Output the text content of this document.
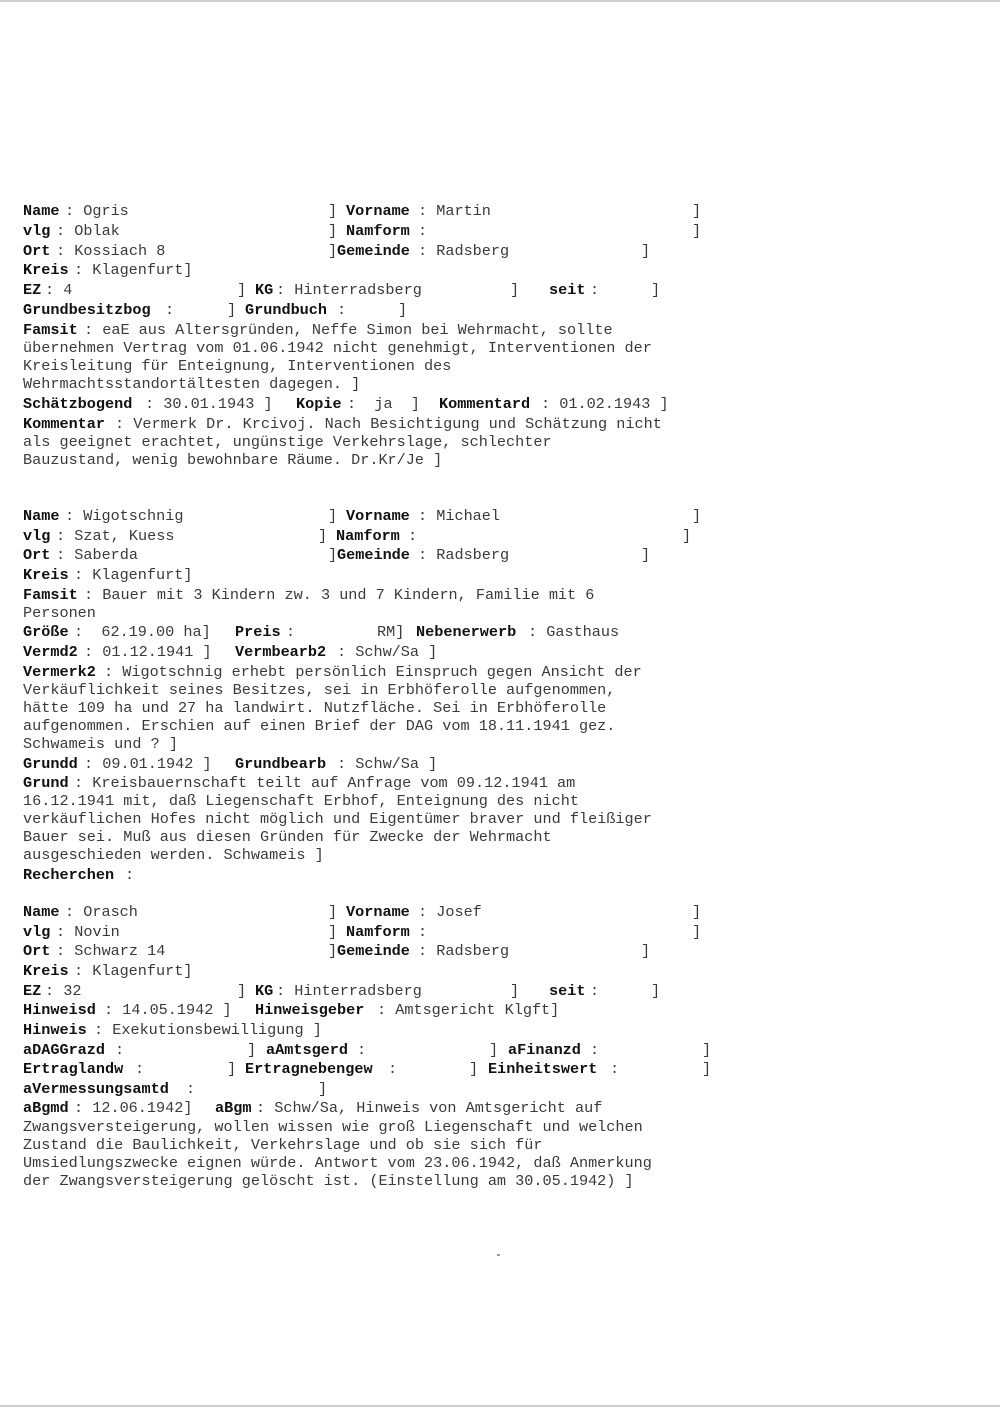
Name : Ogris	] Vorname : Martin	]
vlg : Oblak	] Namform :	]
Ort : Kossiach 8	] Gemeinde : Radsberg	]
Kreis : Klagenfurt]
EZ : 4	] KG : Hinterradsberg	] seit :	]
Grundbesitzbog :	] Grundbuch :	]
Famsit : eaE aus Altersgründen, Neffe Simon bei Wehrmacht, sollte
übernehmen Vertrag vom 01.06.1942 nicht genehmigt, Interventionen der
Kreisleitung für Enteignung, Interventionen des
Wehrmachtsstandortältesten dagegen. ]
Schätzbogend : 30.01.1943 ] Kopie :  ja  ] Kommentard : 01.02.1943 ]
Kommentar : Vermerk Dr. Krcivoj. Nach Besichtigung und Schätzung nicht
als geeignet erachtet, ungünstige Verkehrslage, schlechter
Bauzustand, wenig bewohnbare Räume. Dr.Kr/Je ]
Name : Wigotschnig	] Vorname : Michael	]
vlg : Szat, Kuess	] Namform :	]
Ort : Saberda	] Gemeinde : Radsberg	]
Kreis : Klagenfurt]
Famsit : Bauer mit 3 Kindern zw. 3 und 7 Kindern, Familie mit 6
Personen
Größe :  62.19.00 ha] Preis :	RM] Nebenerwerb : Gasthaus
Vermd2 : 01.12.1941 ] Vermbearb2 : Schw/Sa ]
Vermerk2 : Wigotschnig erhebt persönlich Einspruch gegen Ansicht der
Verkäuflichkeit seines Besitzes, sei in Erbhöferolle aufgenommen,
hätte 109 ha und 27 ha landwirt. Nutzfläche. Sei in Erbhöferolle
aufgenommen. Erschien auf einen Brief der DAG vom 18.11.1941 gez.
Schwameis und ? ]
Grundd : 09.01.1942 ] Grundbearb : Schw/Sa ]
Grund : Kreisbauernschaft teilt auf Anfrage vom 09.12.1941 am
16.12.1941 mit, daß Liegenschaft Erbhof, Enteignung des nicht
verkäuflichen Hofes nicht möglich und Eigentümer braver und fleißiger
Bauer sei. Muß aus diesen Gründen für Zwecke der Wehrmacht
ausgeschieden werden. Schwameis ]
Recherchen :
Name : Orasch	] Vorname : Josef	]
vlg : Novin	] Namform :	]
Ort : Schwarz 14	] Gemeinde : Radsberg	]
Kreis : Klagenfurt]
EZ : 32	] KG : Hinterradsberg	] seit :	]
Hinweisd : 14.05.1942 ] Hinweisgeber : Amtsgericht Klgft]
Hinweis : Exekutionsbewilligung ]
aDAGGrazd :	] aAmtsgerd :	] aFinanzd :	]
Ertraglandw :	] Ertragnebengew :	] Einheitswert :	]
aVermessungsamtd :	]
aBgmd : 12.06.1942] aBgm : Schw/Sa, Hinweis von Amtsgericht auf
Zwangsversteigerung, wollen wissen wie groß Liegenschaft und welchen
Zustand die Baulichkeit, Verkehrslage und ob sie sich für
Umsiedlungszwecke eignen würde. Antwort vom 23.06.1942, daß Anmerkung
der Zwangsversteigerung gelöscht ist. (Einstellung am 30.05.1942) ]
